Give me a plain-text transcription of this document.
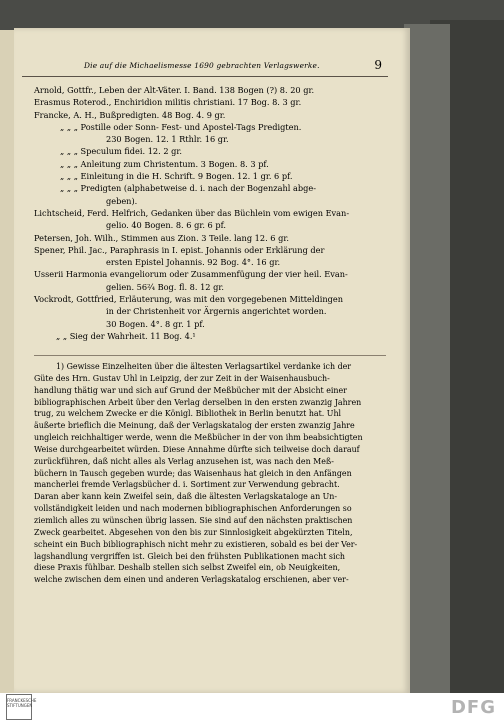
Die auf die Michaelismesse 1690 gebrachten Verlagswerke.	9
Arnold, Gottfr., Leben der Alt-Väter. I. Band. 138 Bogen (?) 8. 20 gr.
Erasmus Roterod., Enchiridion militis christiani. 17 Bog. 8. 3 gr.
Francke, A. H., Bußpredigten. 48 Bog. 4. 9 gr.
„ „ „ Postille oder Sonn- Fest- und Apostel-Tags Predigten.
230 Bogen. 12. 1 Rthlr. 16 gr.
„ „ „ Speculum fidei. 12. 2 gr.
„ „ „ Anleitung zum Christentum. 3 Bogen. 8. 3 pf.
„ „ „ Einleitung in die H. Schrift. 9 Bogen. 12. 1 gr. 6 pf.
„ „ „ Predigten (alphabetweise d. i. nach der Bogenzahl abge-
geben).
Lichtscheid, Ferd. Helfrich, Gedanken über das Büchlein vom ewigen Evan-
gelio. 40 Bogen. 8. 6 gr. 6 pf.
Petersen, Joh. Wilh., Stimmen aus Zion. 3 Teile. lang 12. 6 gr.
Spener, Phil. Jac., Paraphrasis in I. epist. Johannis oder Erklärung der
ersten Epistel Johannis. 92 Bog. 4°. 16 gr.
Usserii Harmonia evangeliorum oder Zusammenfügung der vier heil. Evan-
gelien. 56²⁄₄ Bog. fl. 8. 12 gr.
Vockrodt, Gottfried, Erläuterung, was mit den vorgegebenen Mitteldingen
in der Christenheit vor Ärgernis angerichtet worden.
30 Bogen. 4°. 8 gr. 1 pf.
„ „ Sieg der Wahrheit. 11 Bog. 4.¹
1) Gewisse Einzelheiten über die ältesten Verlagsartikel verdanke ich der
Güte des Hrn. Gustav Uhl in Leipzig, der zur Zeit in der Waisenhausbuch-
handlung thätig war und sich auf Grund der Meßbücher mit der Absicht einer
bibliographischen Arbeit über den Verlag derselben in den ersten zwanzig Jahren
trug, zu welchem Zwecke er die Königl. Bibliothek in Berlin benutzt hat. Uhl
äußerte brieflich die Meinung, daß der Verlagskatalog der ersten zwanzig Jahre
ungleich reichhaltiger werde, wenn die Meßbücher in der von ihm beabsichtigten
Weise durchgearbeitet würden. Diese Annahme dürfte sich teilweise doch darauf
zurückführen, daß nicht alles als Verlag anzusehen ist, was nach den Meß-
büchern in Tausch gegeben wurde; das Waisenhaus hat gleich in den Anfängen
mancherlei fremde Verlagsbücher d. i. Sortiment zur Verwendung gebracht.
Daran aber kann kein Zweifel sein, daß die ältesten Verlagskataloge an Un-
vollständigkeit leiden und nach modernen bibliographischen Anforderungen so
ziemlich alles zu wünschen übrig lassen. Sie sind auf den nächsten praktischen
Zweck gearbeitet. Abgesehen von den bis zur Sinnlosigkeit abgekürzten Titeln,
scheint ein Buch bibliographisch nicht mehr zu existieren, sobald es bei der Ver-
lagshandlung vergriffen ist. Gleich bei den frühsten Publikationen macht sich
diese Praxis fühlbar. Deshalb stellen sich selbst Zweifel ein, ob Neuigkeiten,
welche zwischen dem einen und anderen Verlagskatalog erschienen, aber ver-
FRANCKESCHE STIFTUNGEN	DFG
